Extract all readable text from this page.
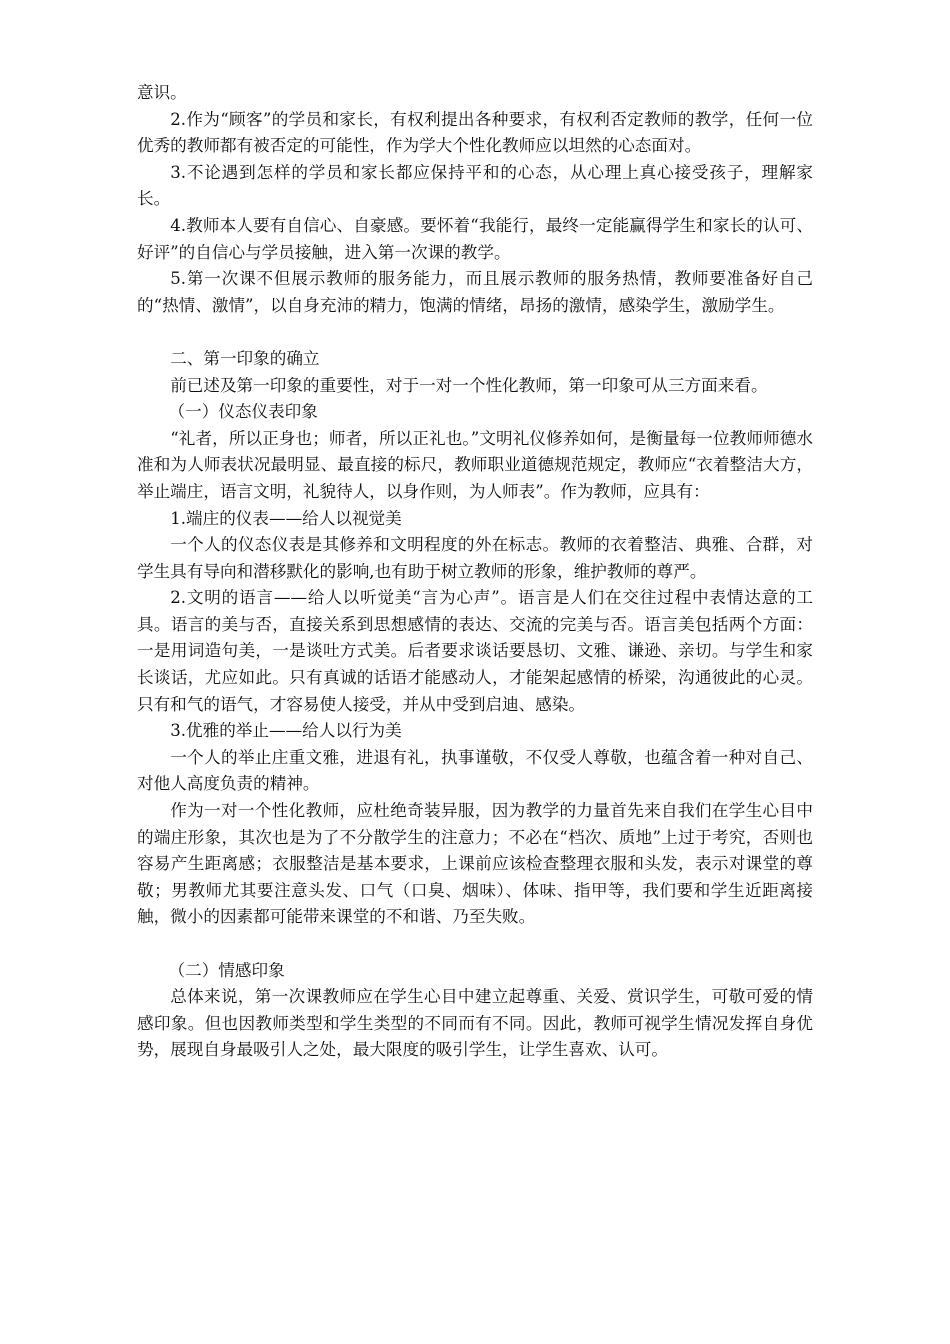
意识。

2.作为“顾客”的学员和家长，有权利提出各种要求，有权利否定教师的教学，任何一位优秀的教师都有被否定的可能性，作为学大个性化教师应以坦然的心态面对。

3.不论遇到怎样的学员和家长都应保持平和的心态，从心理上真心接受孩子，理解家长。

4.教师本人要有自信心、自豪感。要怀着“我能行，最终一定能赢得学生和家长的认可、好评”的自信心与学员接触，进入第一次课的教学。

5.第一次课不但展示教师的服务能力，而且展示教师的服务热情，教师要准备好自己的“热情、激情”，以自身充沛的精力，饱满的情绪，昂扬的激情，感染学生，激励学生。

二、第一印象的确立

前已述及第一印象的重要性，对于一对一个性化教师，第一印象可从三方面来看。

（一）仪态仪表印象

“礼者，所以正身也；师者，所以正礼也。”文明礼仪修养如何，是衡量每一位教师师德水准和为人师表状况最明显、最直接的标尺，教师职业道德规范规定，教师应“衣着整洁大方，举止端庄，语言文明，礼貌待人，以身作则，为人师表”。作为教师，应具有：

1.端庄的仪表——给人以视觉美

一个人的仪态仪表是其修养和文明程度的外在标志。教师的衣着整洁、典雅、合群，对学生具有导向和潜移默化的影响,也有助于树立教师的形象，维护教师的尊严。

2.文明的语言——给人以听觉美“言为心声”。语言是人们在交往过程中表情达意的工具。语言的美与否，直接关系到思想感情的表达、交流的完美与否。语言美包括两个方面：一是用词造句美，一是谈吐方式美。后者要求谈话要恳切、文雅、谦逊、亲切。与学生和家长谈话，尤应如此。只有真诚的话语才能感动人，才能架起感情的桥梁，沟通彼此的心灵。只有和气的语气，才容易使人接受，并从中受到启迪、感染。

3.优雅的举止——给人以行为美

一个人的举止庄重文雅，进退有礼，执事谨敬，不仅受人尊敬，也蕴含着一种对自己、对他人高度负责的精神。

作为一对一个性化教师，应杜绝奇装异服，因为教学的力量首先来自我们在学生心目中的端庄形象，其次也是为了不分散学生的注意力；不必在“档次、质地”上过于考究，否则也容易产生距离感；衣服整洁是基本要求，上课前应该检查整理衣服和头发，表示对课堂的尊敬；男教师尤其要注意头发、口气（口臭、烟味）、体味、指甲等，我们要和学生近距离接触，微小的因素都可能带来课堂的不和谐、乃至失败。

（二）情感印象

总体来说，第一次课教师应在学生心目中建立起尊重、关爱、赏识学生，可敬可爱的情感印象。但也因教师类型和学生类型的不同而有不同。因此，教师可视学生情况发挥自身优势，展现自身最吸引人之处，最大限度的吸引学生，让学生喜欢、认可。
